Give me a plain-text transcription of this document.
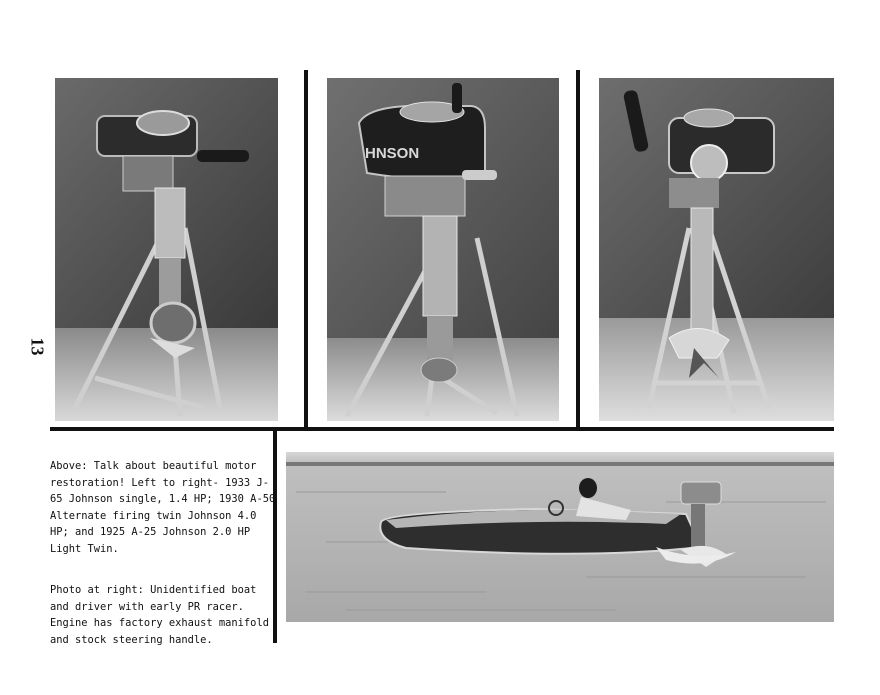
13
HNSON

Above: Talk about beautiful motor restoration! Left to right- 1933 J-65 Johnson single, 1.4 HP; 1930 A-50 Alternate firing twin Johnson 4.0 HP; and 1925 A-25 Johnson 2.0 HP Light Twin.

Photo at right: Unidentified boat and driver with early PR racer. Engine has factory exhaust manifold and stock steering handle.
